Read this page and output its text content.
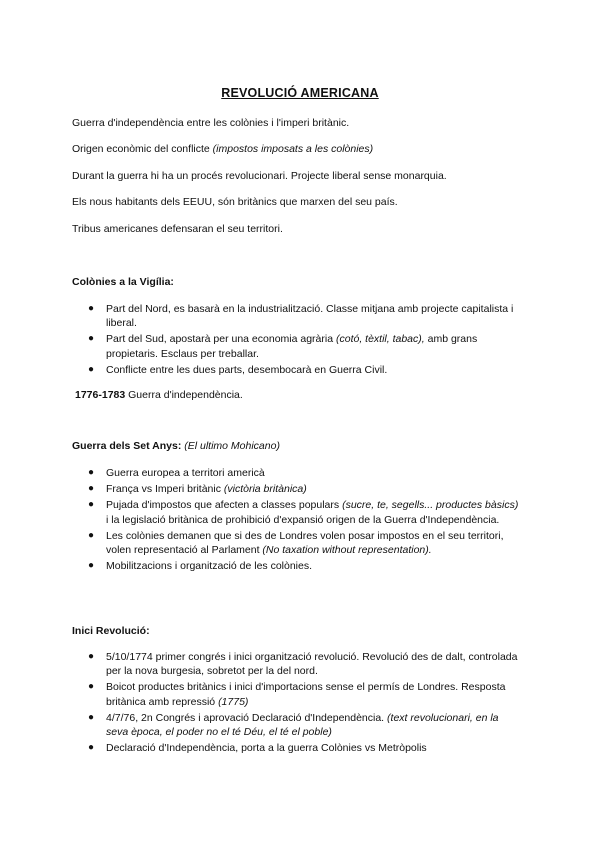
REVOLUCIÓ AMERICANA

Guerra d'independència entre les colònies i l'imperi britànic.

Origen econòmic del conflicte (impostos imposats a les colònies)

Durant la guerra hi ha un procés revolucionari. Projecte liberal sense monarquia.

Els nous habitants dels EEUU, són britànics que marxen del seu país.

Tribus americanes defensaran el seu territori.

Colònies a la Vigília:

● Part del Nord, es basarà en la industrialització. Classe mitjana amb projecte capitalista i liberal.
● Part del Sud, apostarà per una economia agrària (cotó, tèxtil, tabac), amb grans propietaris. Esclaus per treballar.
● Conflicte entre les dues parts, desembocarà en Guerra Civil.

1776-1783 Guerra d'independència.

Guerra dels Set Anys: (El ultimo Mohicano)

● Guerra europea a territori americà
● França vs Imperi britànic (victòria britànica)
● Pujada d'impostos que afecten a classes populars (sucre, te, segells... productes bàsics) i la legislació britànica de prohibició d'expansió origen de la Guerra d'Independència.
● Les colònies demanen que si des de Londres volen posar impostos en el seu territori, volen representació al Parlament (No taxation without representation).
● Mobilitzacions i organització de les colònies.

Inici Revolució:

● 5/10/1774 primer congrés i inici organització revolució. Revolució des de dalt, controlada per la nova burgesia, sobretot per la del nord.
● Boicot productes britànics i inici d'importacions sense el permís de Londres. Resposta britànica amb repressió (1775)
● 4/7/76, 2n Congrés i aprovació Declaració d'Independència. (text revolucionari, en la seva època, el poder no el té Déu, el té el poble)
● Declaració d'Independència, porta a la guerra Colònies vs Metròpolis
